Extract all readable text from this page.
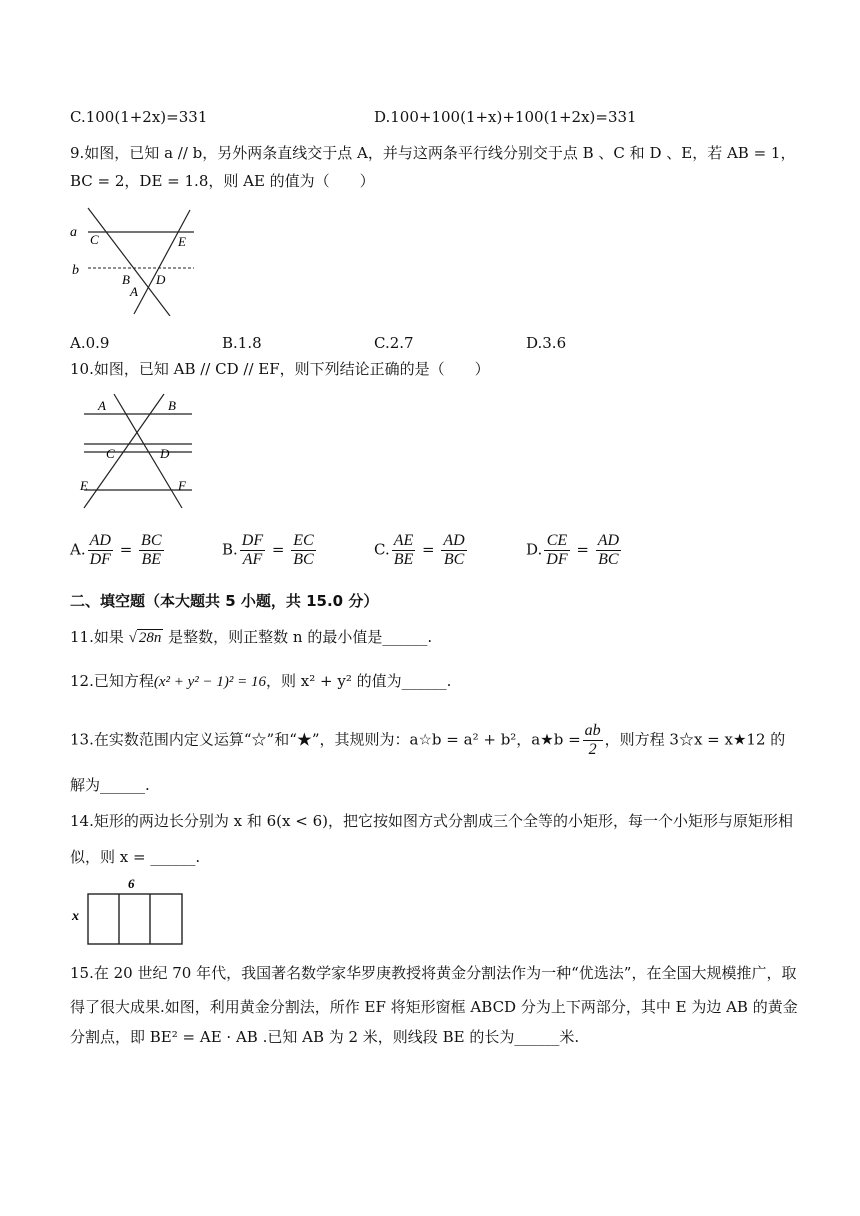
C.100(1+2x)=331	D.100+100(1+x)+100(1+2x)=331
9.如图，已知 a // b，另外两条直线交于点 A，并与这两条平行线分别交于点 B 、C 和 D 、E，若 AB = 1，
BC = 2，DE = 1.8，则 AE 的值为（　　）
a
b
C	E
B D
A
A.0.9	B.1.8	C.2.7	D.3.6
10.如图，已知 AB // CD // EF，则下列结论正确的是（　　）
A	B
C	D
E	F
A. $\frac{AD}{DF} = \frac{BC}{BE}$	B. $\frac{DF}{AF} = \frac{EC}{BC}$	C. $\frac{AE}{BE} = \frac{AD}{BC}$	D. $\frac{CE}{DF} = \frac{AD}{BC}$
二、填空题（本大题共 5 小题，共 15.0 分）
11.如果 √ 28n 是整数，则正整数 n 的最小值是______.
12.已知方程(x² + y² − 1)² = 16，则 x² + y² 的值为______.
13.在实数范围内定义运算“☆”和“★”，其规则为：a☆b = a² + b²，a★b = $\frac{ab}{2}$ ，则方程 3☆x = x★12 的
解为______.
14.矩形的两边长分别为 x 和 6(x < 6)，把它按如图方式分割成三个全等的小矩形，每一个小矩形与原矩形相
似，则 x = ______.
6
x
15.在 20 世纪 70 年代，我国著名数学家华罗庚教授将黄金分割法作为一种“优选法”，在全国大规模推广，取
得了很大成果.如图，利用黄金分割法，所作 EF 将矩形窗框 ABCD 分为上下两部分，其中 E 为边 AB 的黄金
分割点，即 BE² = AE · AB .已知 AB 为 2 米，则线段 BE 的长为______米.
